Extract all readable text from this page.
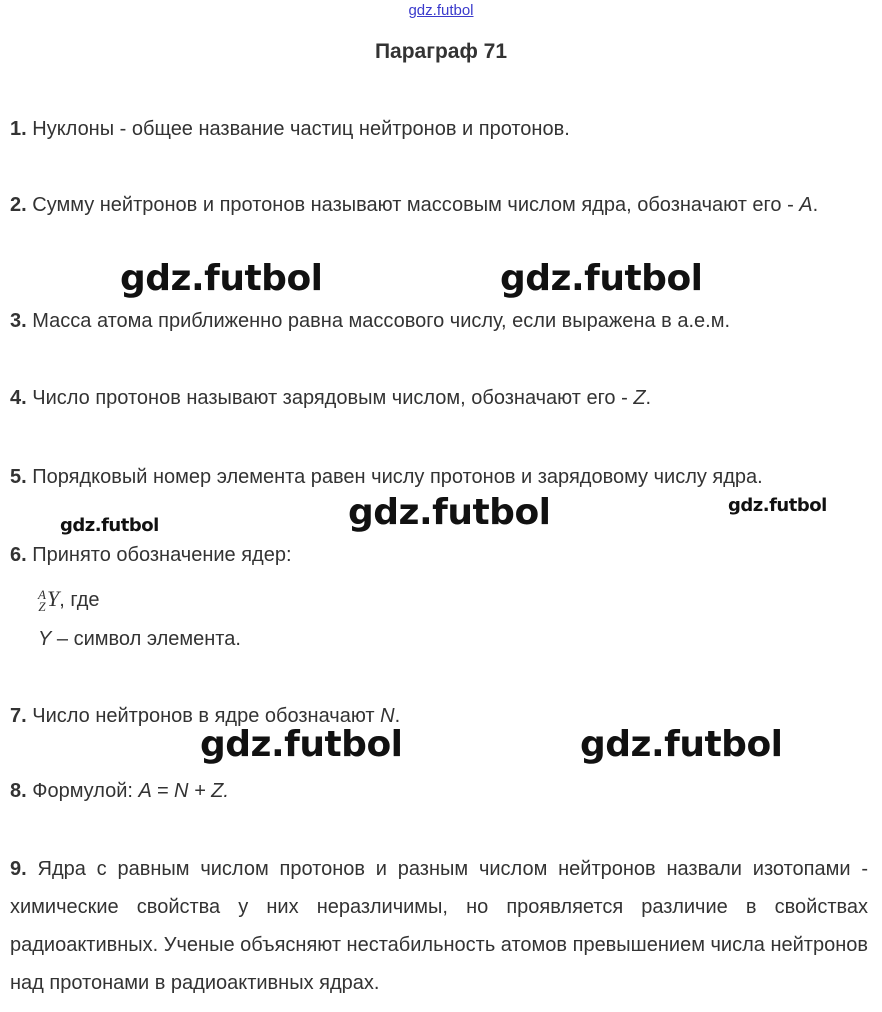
gdz.futbol
Параграф 71
1. Нуклоны - общее название частиц нейтронов и протонов.
2. Сумму нейтронов и протонов называют массовым числом ядра, обозначают его - A.
gdz.futbol	gdz.futbol
3. Масса атома приближенно равна массового числу, если выражена в а.е.м.
4. Число протонов называют зарядовым числом, обозначают его - Z.
5. Порядковый номер элемента равен числу протонов и зарядовому числу ядра.
gdz.futbol	gdz.futbol	gdz.futbol
6. Принято обозначение ядер:
A
Z Y, где
Y – символ элемента.
7. Число нейтронов в ядре обозначают N.
gdz.futbol	gdz.futbol
8. Формулой: A = N + Z.
9. Ядра с равным числом протонов и разным числом нейтронов назвали изотопами - химические свойства у них неразличимы, но проявляется различие в свойствах радиоактивных. Ученые объясняют нестабильность атомов превышением числа нейтронов над протонами в радиоактивных ядрах.
